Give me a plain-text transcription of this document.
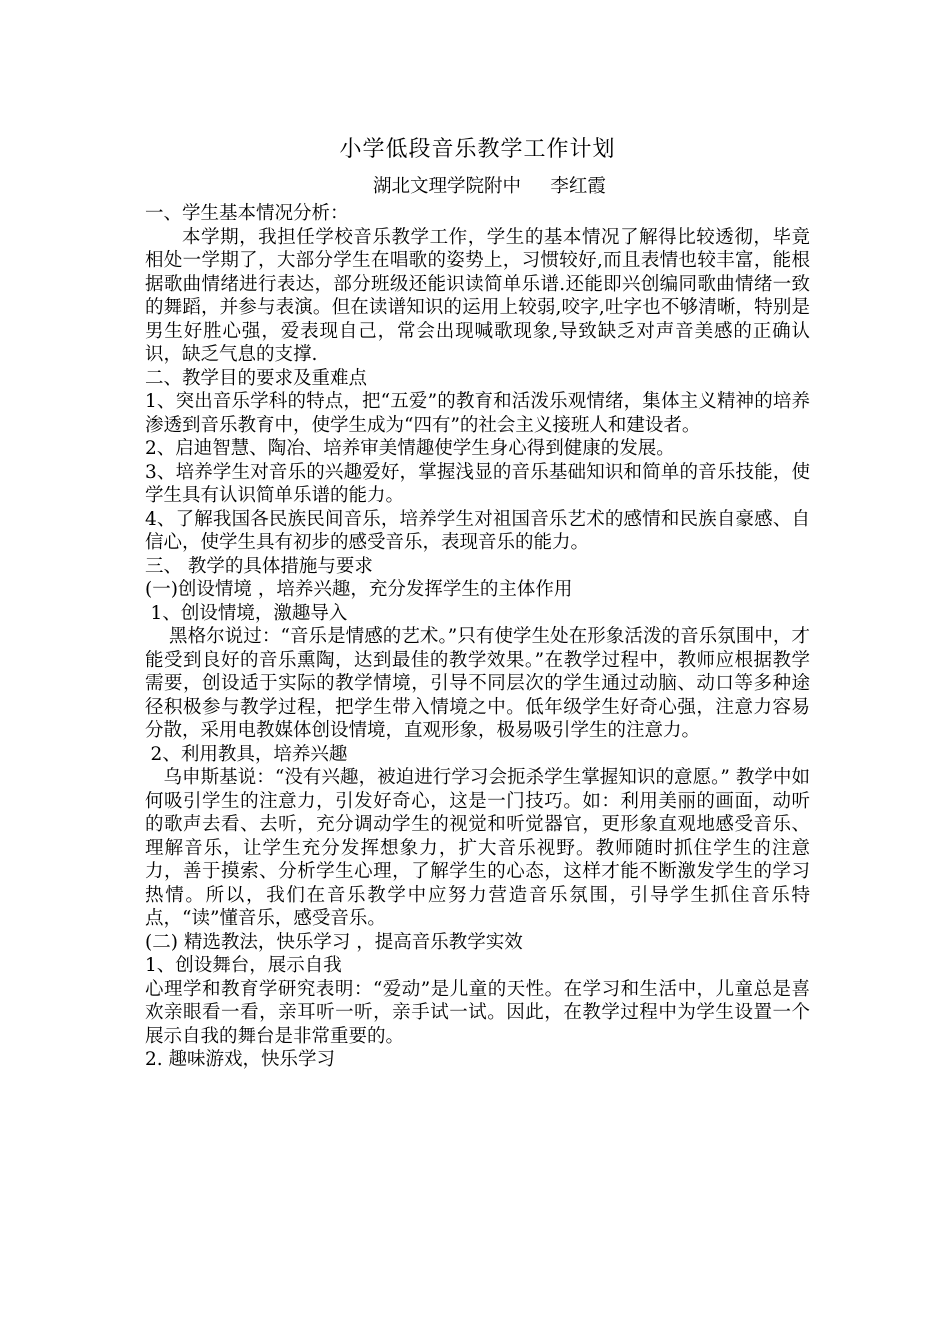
小学低段音乐教学工作计划
湖北文理学院附中     李红霞

一、学生基本情况分析：

本学期，我担任学校音乐教学工作，学生的基本情况了解得比较透彻，毕竟相处一学期了，大部分学生在唱歌的姿势上，习惯较好,而且表情也较丰富，能根据歌曲情绪进行表达，部分班级还能识读简单乐谱.还能即兴创编同歌曲情绪一致的舞蹈，并参与表演。但在读谱知识的运用上较弱,咬字,吐字也不够清晰，特别是男生好胜心强，爱表现自己，常会出现喊歌现象,导致缺乏对声音美感的正确认识，缺乏气息的支撑.

二、教学目的要求及重难点

1、突出音乐学科的特点，把“五爱”的教育和活泼乐观情绪，集体主义精神的培养渗透到音乐教育中，使学生成为“四有”的社会主义接班人和建设者。

2、启迪智慧、陶冶、培养审美情趣使学生身心得到健康的发展。

3、培养学生对音乐的兴趣爱好，掌握浅显的音乐基础知识和简单的音乐技能，使学生具有认识简单乐谱的能力。

4、了解我国各民族民间音乐，培养学生对祖国音乐艺术的感情和民族自豪感、自信心，使学生具有初步的感受音乐，表现音乐的能力。

三、 教学的具体措施与要求

(一)创设情境 ，培养兴趣，充分发挥学生的主体作用

1、创设情境，激趣导入

黑格尔说过：“音乐是情感的艺术。”只有使学生处在形象活泼的音乐氛围中，才能受到良好的音乐熏陶，达到最佳的教学效果。”在教学过程中，教师应根据教学需要，创设适于实际的教学情境，引导不同层次的学生通过动脑、动口等多种途径积极参与教学过程，把学生带入情境之中。低年级学生好奇心强，注意力容易分散，采用电教媒体创设情境，直观形象，极易吸引学生的注意力。

2、利用教具，培养兴趣

乌申斯基说：“没有兴趣，被迫进行学习会扼杀学生掌握知识的意愿。” 教学中如何吸引学生的注意力，引发好奇心，这是一门技巧。如：利用美丽的画面，动听的歌声去看、去听，充分调动学生的视觉和听觉器官，更形象直观地感受音乐、理解音乐，让学生充分发挥想象力，扩大音乐视野。教师随时抓住学生的注意力，善于摸索、分析学生心理，了解学生的心态，这样才能不断激发学生的学习热情。所以，我们在音乐教学中应努力营造音乐氛围，引导学生抓住音乐特点，“读”懂音乐，感受音乐。

(二) 精选教法，快乐学习 ，提高音乐教学实效

1、创设舞台，展示自我

心理学和教育学研究表明：“爱动”是儿童的天性。在学习和生活中，儿童总是喜欢亲眼看一看，亲耳听一听，亲手试一试。因此，在教学过程中为学生设置一个展示自我的舞台是非常重要的。

2. 趣味游戏，快乐学习
